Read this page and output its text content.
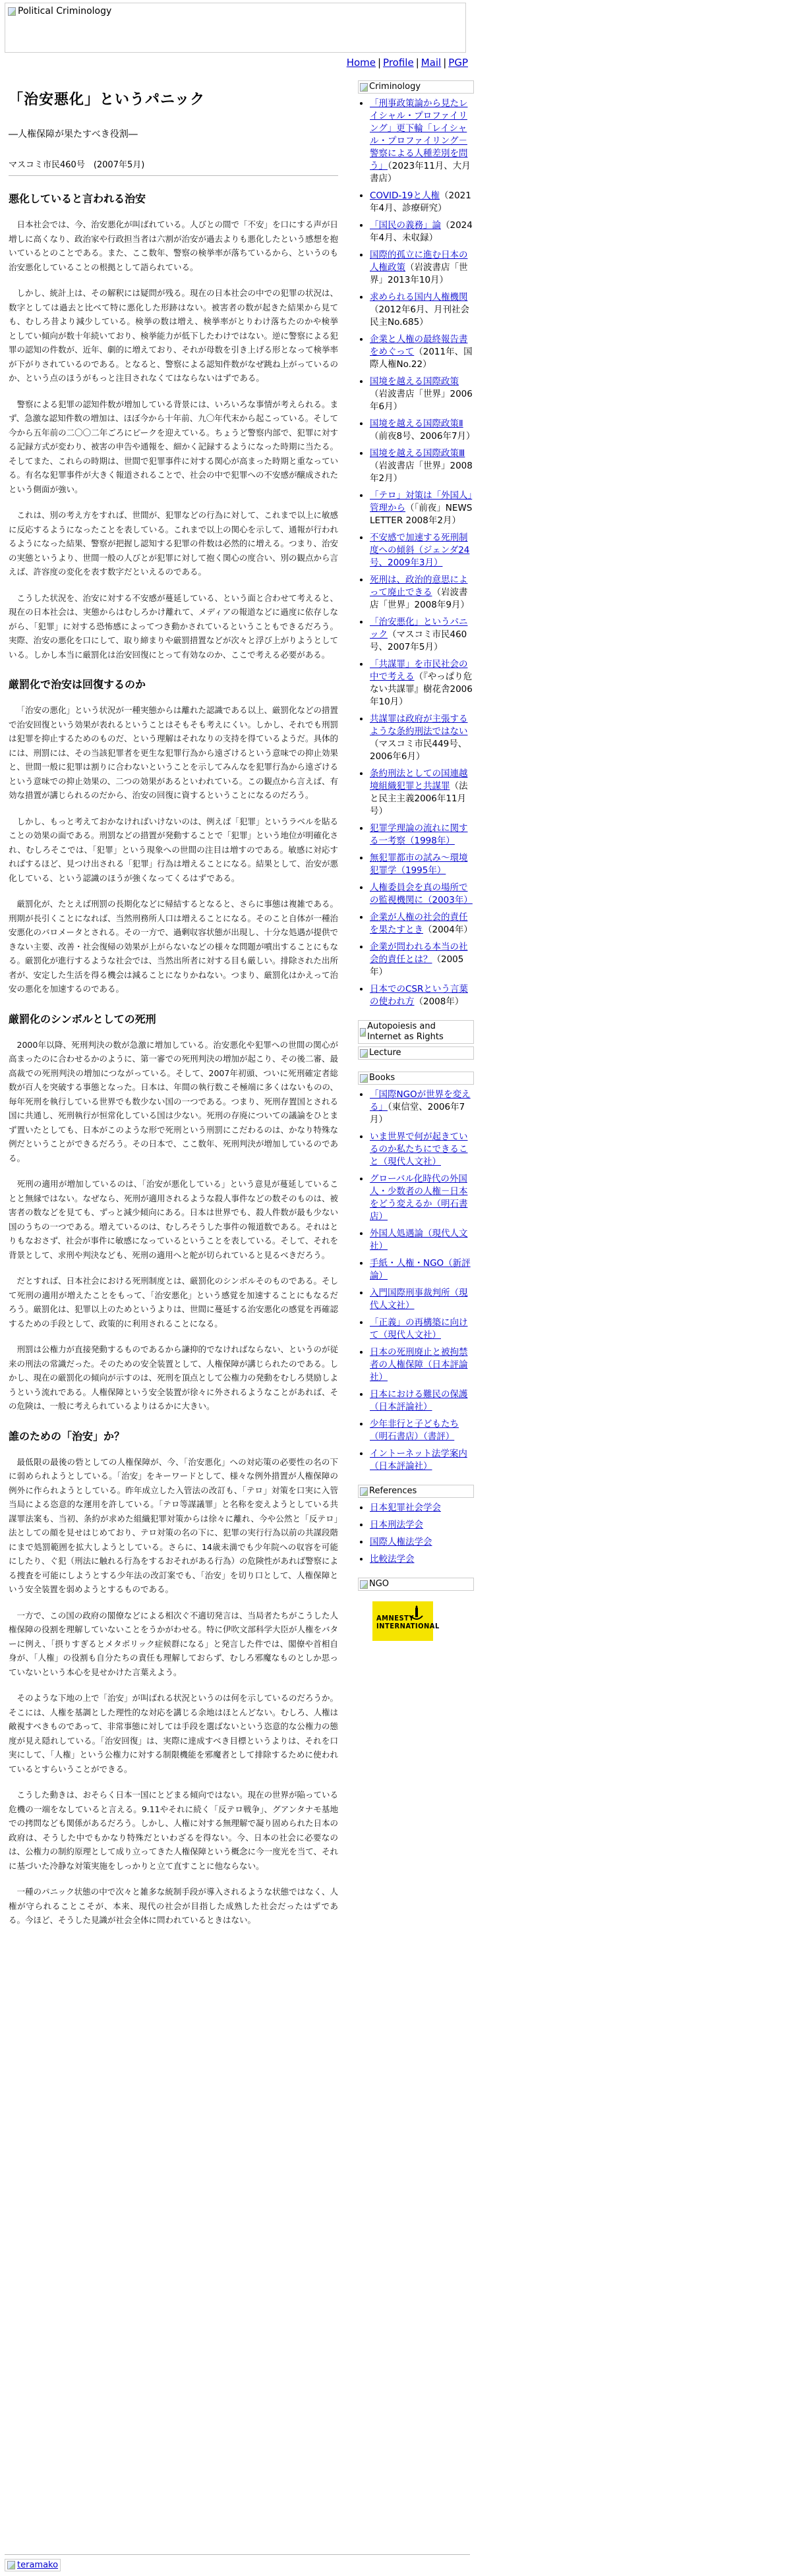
Political Criminology
Home | Profile | Mail | PGP
「治安悪化」というパニック
―人権保障が果たすべき役割―
マスコミ市民460号　(2007年5月)
悪化していると言われる治安

日本社会では、今、治安悪化が叫ばれている。人びとの間で「不安」を口にする声が日増しに高くなり、政治家や行政担当者は六割が治安が過去よりも悪化したという感想を抱いているとのことである。また、ここ数年、警察の検挙率が落ちているから、というのも治安悪化していることの根拠として語られている。

しかし、統計上は、その解釈には疑問が残る。現在の日本社会の中での犯罪の状況は、数字としては過去と比べて特に悪化した形跡はない。被害者の数が起きた結果から見ても、むしろ昔より減少している。検挙の数は増え、検挙率がとりわけ落ちたのかや検挙としてい傾向が数十年続いており、検挙能力が低下したわけではない。逆に警察による犯罪の認知の件数が、近年、劇的に増えており、それが母数を引き上げる形となって検挙率が下がりされているのである。となると、警察による認知件数がなぜ跳ね上がっているのか、という点のほうがもっと注目されなくてはならないはずである。

警察による犯罪の認知件数が増加している背景には、いろいろな事情が考えられる。まず、急激な認知件数の増加は、ほぼ今から十年前、九〇年代末から起こっている。そして今から五年前の二〇〇二年ごろにピークを迎えている。ちょうど警察内部で、犯罪に対する記録方式が変わり、被害の申告や通報を、細かく記録するようになった時期に当たる。そしてまた、これらの時期は、世間で犯罪事件に対する関心が高まった時期と重なっている。有名な犯罪事件が大きく報道されることで、社会の中で犯罪への不安感が醸成されたという側面が強い。

これは、別の考え方をすれば、世間が、犯罪などの行為に対して、これまで以上に敏感に反応するようになったことを表している。これまで以上の関心を示して、通報が行われるようになった結果、警察が把握し認知する犯罪の件数は必然的に増える。つまり、治安の実態というより、世間一般の人びとが犯罪に対して抱く関心の度合い、別の観点から言えば、許容度の変化を表す数字だといえるのである。

こうした状況を、治安に対する不安感が蔓延している、という面と合わせて考えると、現在の日本社会は、実態からはむしろかけ離れて、メディアの報道などに過度に依存しながら、「犯罪」に対する恐怖感によってつき動かされているということもできるだろう。実際、治安の悪化を口にして、取り締まりや厳罰措置などが次々と浮び上がりようとしている。しかし本当に厳罰化は治安回復にとって有効なのか、ここで考える必要がある。

厳罰化で治安は回復するのか

「治安の悪化」という状況が一種実態からは離れた認識である以上、厳罰化などの措置で治安回復という効果が表れるということはそもそも考えにくい。しかし、それでも刑罰は犯罪を抑止するためのものだ、という理解はそれなりの支持を得ているようだ。具体的には、刑罰には、その当該犯罪者を更生な犯罪行為から遠ざけるという意味での抑止効果と、世間一般に犯罪は割りに合わないということを示してみんなを犯罪行為から遠ざけるという意味での抑止効果の、二つの効果があるといわれている。この観点から言えば、有効な措置が講じられるのだから、治安の回復に資するということになるのだろう。

しかし、もっと考えておかなければいけないのは、例えば「犯罪」というラベルを貼ることの効果の面である。刑罰などの措置が発動することで「犯罪」という地位が明確化され、むしろそこでは、「犯罪」という現象への世間の注目は増すのである。敏感に対応すればするほど、見つけ出される「犯罪」行為は増えることになる。結果として、治安が悪化している、という認識のほうが強くなってくるはずである。

厳罰化が、たとえば刑罰の長期化などに帰結するとなると、さらに事態は複雑である。刑期が長引くことになれば、当然刑務所人口は増えることになる。そのこと自体が一種治安悪化のバロメータとされる。その一方で、過剰収容状態が出現し、十分な処遇が提供できない主要、改善・社会復帰の効果が上がらないなどの様々な問題が噴出することにもなる。厳罰化が進行するような社会では、当然出所者に対する目も厳しい。排除された出所者が、安定した生活を得る機会は減ることになりかねない。つまり、厳罰化はかえって治安の悪化を加速するのである。

厳罰化のシンボルとしての死刑

2000年以降、死刑判決の数が急激に増加している。治安悪化や犯罪への世間の関心が高まったのに合わせるかのように、第一審での死刑判決の増加が起こり、その後二審、最高裁での死刑判決の増加につながっている。そして、2007年初頭、ついに死刑確定者総数が百人を突破する事態となった。日本は、年間の執行数こそ極端に多くはないものの、毎年死刑を執行している世界でも数少ない国の一つである。つまり、死刑存置国とされる国に共通し、死刑執行が恒常化している国は少ない。死刑の存廃についての議論をひとまず置いたとしても、日本がこのような形で死刑という刑罰にこだわるのは、かなり特殊な例だということができるだろう。その日本で、ここ数年、死刑判決が増加しているのである。

死刑の適用が増加しているのは、「治安が悪化している」という意見が蔓延していることと無縁ではない。なぜなら、死刑が適用されるような殺人事件などの数そのものは、被害者の数などを見ても、ずっと減少傾向にある。日本は世界でも、殺人件数が最も少ない国のうちの一つである。増えているのは、むしろそうした事件の報道数である。それはとりもなおさず、社会が事件に敏感になっているということを表している。そして、それを背景として、求刑や判決なども、死刑の適用へと舵が切られていると見るべきだろう。

だとすれば、日本社会における死刑制度とは、厳罰化のシンボルそのものである。そして死刑の適用が増えたことをもって、「治安悪化」という感覚を加速することにもなるだろう。厳罰化は、犯罪以上のためというよりは、世間に蔓延する治安悪化の感覚を再確認するための手段として、政策的に利用されることになる。

刑罰は公権力が直接発動するものであるから謙抑的でなければならない、というのが従来の刑法の常識だった。そのための安全装置として、人権保障が講じられたのである。しかし、現在の厳罰化の傾向が示すのは、死刑を頂点として公権力の発動をむしろ奨励しようという流れである。人権保障という安全装置が徐々に外されるようなことがあれば、その危険は、一般に考えられているよりはるかに大きい。

誰のための「治安」か？

最低限の最後の砦としての人権保障が、今、「治安悪化」への対応策の必要性の名の下に弱められようとしている。「治安」をキーワードとして、様々な例外措置が人権保障の例外に作られようとしている。昨年成立した入管法の改訂も、「テロ」対策を口実に入管当局による恣意的な運用を許している。「テロ等謀議罪」と名称を変えようとしている共謀罪法案も、当初、条約が求めた組織犯罪対策からは徐々に離れ、今や公然と「反テロ」法としての顔を見せはじめており、テロ対策の名の下に、犯罪の実行行為以前の共謀段階にまで処罰範囲を拡大しようとしている。さらに、14歳未満でも少年院への収容を可能にしたり、ぐ犯（刑法に触れる行為をするおそれがある行為）の危険性があれば警察による捜査を可能にしようとする少年法の改訂案でも、「治安」を切り口として、人権保障という安全装置を弱めようとするものである。

一方で、この国の政府の閣僚などによる相次ぐ不適切発言は、当局者たちがこうした人権保障の役割を理解していないことをうかがわせる。特に伊吹文部科学大臣が人権をバターに例え、「摂りすぎるとメタボリック症候群になる」と発言した件では、閣僚や首相自身が、「人権」の役割も自分たちの責任も理解しておらず、むしろ邪魔なものとしか思っていないという本心を見せかけた言葉えよう。

そのような下地の上で「治安」が叫ばれる状況というのは何を示しているのだろうか。そこには、人権を基調とした理性的な対応を講じる余地はほとんどない。むしろ、人権は敵視すべきものであって、非常事態に対しては手段を選ばないという恣意的な公権力の態度が見え隠れしている。「治安回復」は、実際に達成すべき目標というよりは、それを口実にして、「人権」という公権力に対する制限機能を邪魔者として排除するために使われているとすらいうことができる。

こうした動きは、おそらく日本一国にとどまる傾向ではない。現在の世界が陥っている危機の一端をなしていると言える。9.11やそれに続く「反テロ戦争」、グアンタナモ基地での拷問なども関係があるだろう。しかし、人権に対する無理解で凝り固められた日本の政府は、そうした中でもかなり特殊だといわざるを得ない。今、日本の社会に必要なのは、公権力の制約原理として成り立ってきた人権保障という概念に今一度光を当て、それに基づいた冷静な対策実施をしっかりと立て直すことに他ならない。

一種のパニック状態の中で次々と雑多な統制手段が導入されるような状態ではなく、人権が守られることこそが、本来、現代の社会が目指した成熟した社会だったはずである。今ほど、そうした見識が社会全体に問われているときはない。

Criminology
• 「刑事政策論から見たレイシャル・プロファイリング」更下輪「レイシャル・プロファイリング－警察による人種差別を問う」（2023年11月、大月書店）
• COVID-19と人権（2021年4月、診療研究）
• 「国民の義務」論（2024年4月、未収録）
• 国際的孤立に進む日本の人権政策（岩波書店「世界」2013年10月）
• 求められる国内人権機関（2012年6月、月刊社会民主No.685）
• 企業と人権の最終報告書をめぐって（2011年、国際人権No.22）
• 国境を越える国際政策（岩波書店「世界」2006年6月）
• 国境を越える国際政策Ⅱ（前夜8号、2006年7月）
• 国境を越える国際政策Ⅲ（岩波書店「世界」2008年2月）
• 「テロ」対策は「外国人」管理から（「前夜」NEWS LETTER 2008年2月）
• 不安感で加速する死刑制度への傾斜（ジェンダ24号、2009年3月）
• 死刑は、政治的意思によって廃止できる（岩波書店「世界」2008年9月）
• 「治安悪化」というパニック（マスコミ市民460号、2007年5月）
• 「共謀罪」を市民社会の中で考える（『やっぱり危ない共謀罪』樹花舎2006年10月）
• 共謀罪は政府が主張するような条約刑法ではない（マスコミ市民449号、2006年6月）
• 条約刑法としての国連越境組織犯罪と共謀罪（法と民主主義2006年11月号）
• 犯罪学理論の流れに関する一考察（1998年）
• 無犯罪都市の試み～環境犯罪学（1995年）
• 人権委員会を真の場所での監視機関に（2003年）
• 企業が人権の社会的責任を果たすとき（2004年）
• 企業が問われる本当の社会的責任とは？（2005年）
• 日本でのCSRという言葉の使われ方（2008年）
Autopoiesis and Internet as Rights
Lecture
Books
• 「国際NGOが世界を変える」（東信堂、2006年7月）
• いま世界で何が起きているのか私たちにできること（現代人文社）
• グローバル化時代の外国人・少数者の人権－日本をどう変えるか（明石書店）
• 外国人処遇論（現代人文社）
• 手紙・人権・NGO（新評論）
• 入門国際刑事裁判所（現代人文社）
• 「正義」の再構築に向けて（現代人文社）
• 日本の死刑廃止と被拘禁者の人権保障（日本評論社）
• 日本における難民の保護（日本評論社）
• 少年非行と子どもたち（明石書店）（書評）
• イントーネット法学案内（日本評論社）
References
• 日本犯罪社会学会
• 日本刑法学会
• 国際人権法学会
• 比較法学会
NGO
AMNESTY INTERNATIONAL
teramako
